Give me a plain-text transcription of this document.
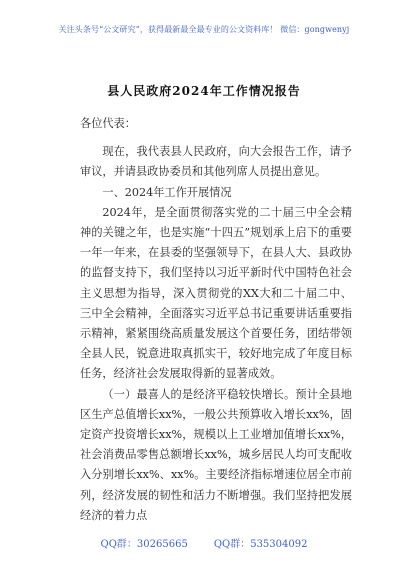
关注头条号“公文研究”，获得最新最全最专业的公文资料库！ 微信：gongwenyj
县人民政府2024年工作情况报告

各位代表：

现在，我代表县人民政府，向大会报告工作，请予审议，并请县政协委员和其他列席人员提出意见。

一、2024年工作开展情况

2024年，是全面贯彻落实党的二十届三中全会精神的关键之年，也是实施“十四五”规划承上启下的重要一年一年来，在县委的坚强领导下，在县人大、县政协的监督支持下，我们坚持以习近平新时代中国特色社会主义思想为指导，深入贯彻党的XX大和二十届二中、三中全会精神，全面落实习近平总书记重要讲话重要指示精神，紧紧围绕高质量发展这个首要任务，团结带领全县人民，锐意进取真抓实干，较好地完成了年度目标任务，经济社会发展取得新的显著成效。

（一）最喜人的是经济平稳较快增长。预计全县地区生产总值增长xx%，一般公共预算收入增长xx%，固定资产投资增长xx%，规模以上工业增加值增长xx%，社会消费品零售总额增长xx%，城乡居民人均可支配收入分别增长xx%、xx%。主要经济指标增速位居全市前列，经济发展的韧性和活力不断增强。我们坚持把发展经济的着力点

QQ群：30265665	QQ群：535304092
